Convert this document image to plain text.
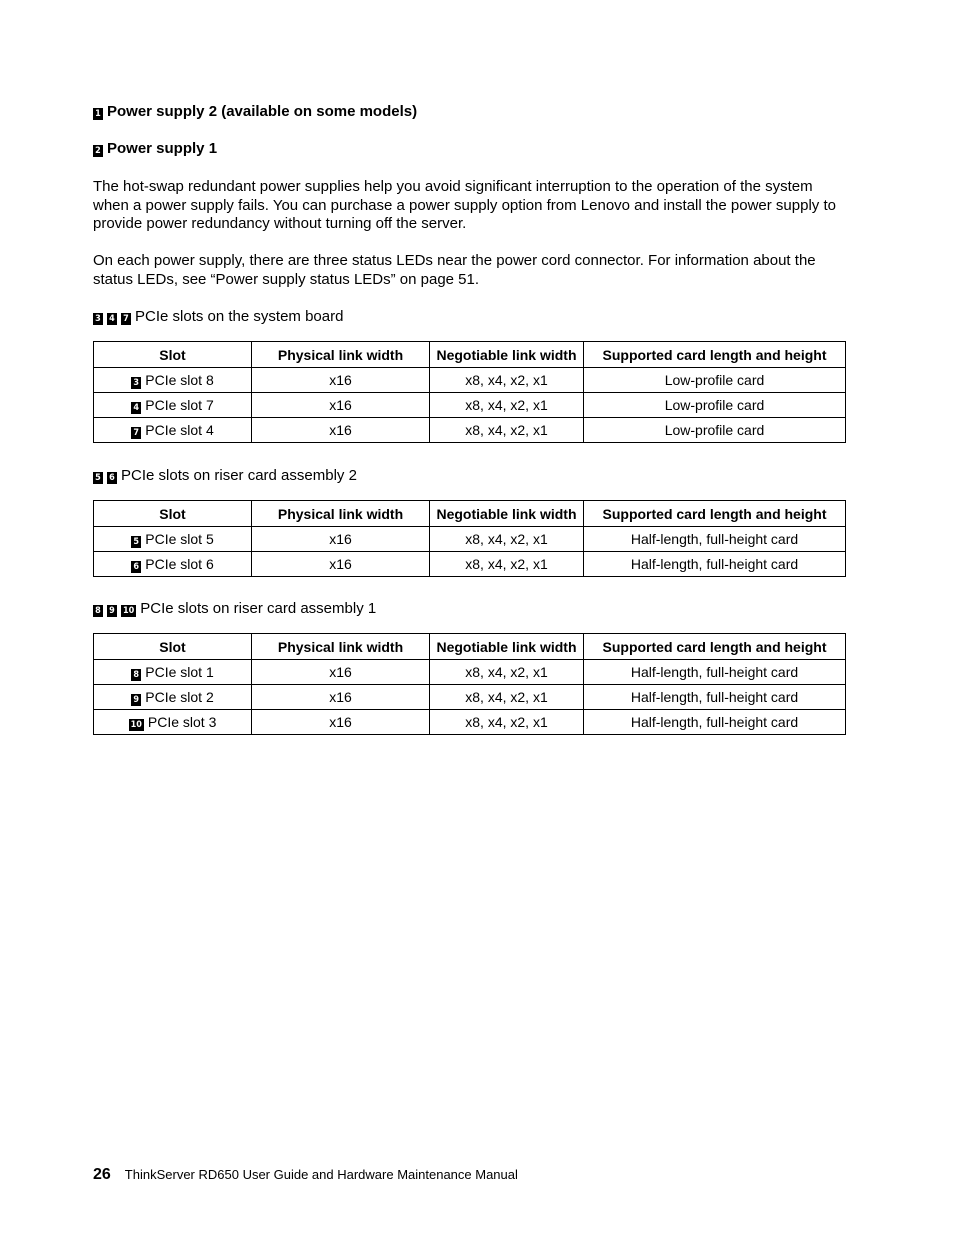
1 Power supply 2 (available on some models)
2 Power supply 1
The hot-swap redundant power supplies help you avoid significant interruption to the operation of the system when a power supply fails. You can purchase a power supply option from Lenovo and install the power supply to provide power redundancy without turning off the server.
On each power supply, there are three status LEDs near the power cord connector. For information about the status LEDs, see “Power supply status LEDs” on page 51.
3 4 7 PCIe slots on the system board
Slot	Physical link width	Negotiable link width	Supported card length and height
3 PCIe slot 8	x16	x8, x4, x2, x1	Low-profile card
4 PCIe slot 7	x16	x8, x4, x2, x1	Low-profile card
7 PCIe slot 4	x16	x8, x4, x2, x1	Low-profile card
5 6 PCIe slots on riser card assembly 2
Slot	Physical link width	Negotiable link width	Supported card length and height
5 PCIe slot 5	x16	x8, x4, x2, x1	Half-length, full-height card
6 PCIe slot 6	x16	x8, x4, x2, x1	Half-length, full-height card
8 9 10 PCIe slots on riser card assembly 1
Slot	Physical link width	Negotiable link width	Supported card length and height
8 PCIe slot 1	x16	x8, x4, x2, x1	Half-length, full-height card
9 PCIe slot 2	x16	x8, x4, x2, x1	Half-length, full-height card
10 PCIe slot 3	x16	x8, x4, x2, x1	Half-length, full-height card
26 ThinkServer RD650 User Guide and Hardware Maintenance Manual
